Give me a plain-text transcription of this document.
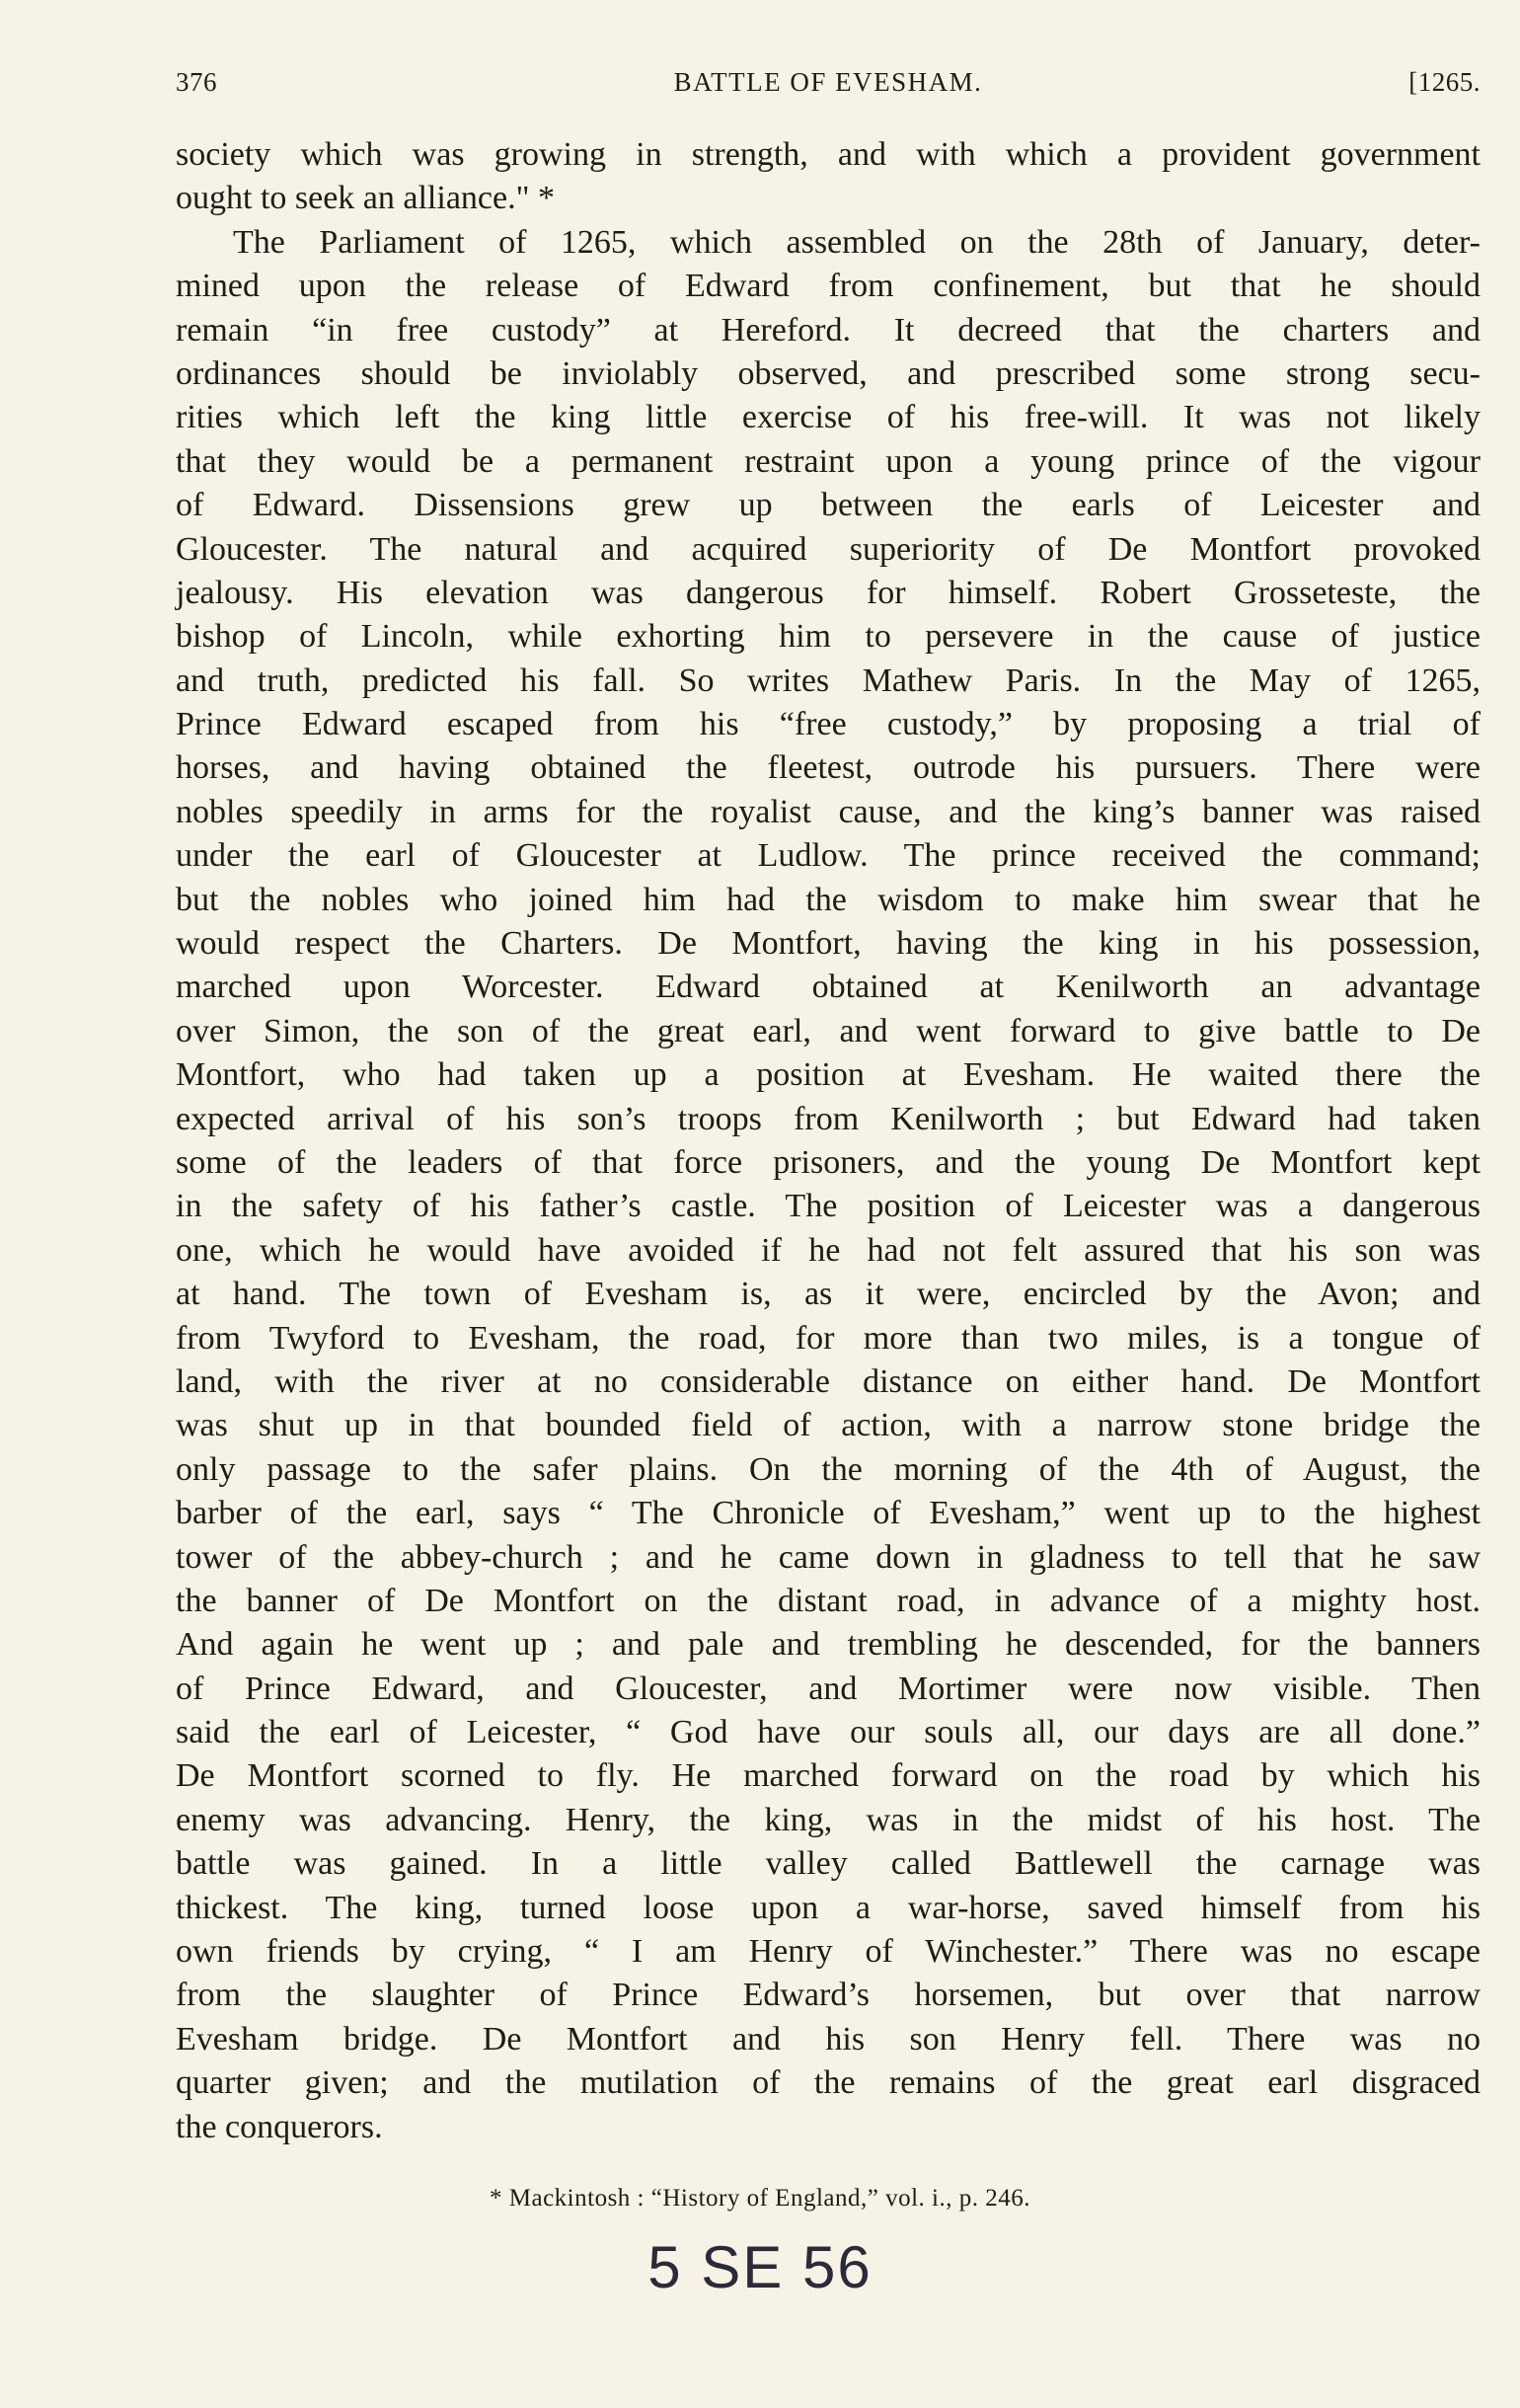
376	BATTLE OF EVESHAM.	[1265.
society which was growing in strength, and with which a provident government
ought to seek an alliance." *
The Parliament of 1265, which assembled on the 28th of January, deter-
mined upon the release of Edward from confinement, but that he should
remain “in free custody” at Hereford. It decreed that the charters and
ordinances should be inviolably observed, and prescribed some strong secu-
rities which left the king little exercise of his free-will. It was not likely
that they would be a permanent restraint upon a young prince of the vigour
of Edward. Dissensions grew up between the earls of Leicester and
Gloucester. The natural and acquired superiority of De Montfort provoked
jealousy. His elevation was dangerous for himself. Robert Grosseteste, the
bishop of Lincoln, while exhorting him to persevere in the cause of justice
and truth, predicted his fall. So writes Mathew Paris. In the May of 1265,
Prince Edward escaped from his “free custody,” by proposing a trial of
horses, and having obtained the fleetest, outrode his pursuers. There were
nobles speedily in arms for the royalist cause, and the king’s banner was raised
under the earl of Gloucester at Ludlow. The prince received the command;
but the nobles who joined him had the wisdom to make him swear that he
would respect the Charters. De Montfort, having the king in his possession,
marched upon Worcester. Edward obtained at Kenilworth an advantage
over Simon, the son of the great earl, and went forward to give battle to De
Montfort, who had taken up a position at Evesham. He waited there the
expected arrival of his son’s troops from Kenilworth ; but Edward had taken
some of the leaders of that force prisoners, and the young De Montfort kept
in the safety of his father’s castle. The position of Leicester was a dangerous
one, which he would have avoided if he had not felt assured that his son was
at hand. The town of Evesham is, as it were, encircled by the Avon; and
from Twyford to Evesham, the road, for more than two miles, is a tongue of
land, with the river at no considerable distance on either hand. De Montfort
was shut up in that bounded field of action, with a narrow stone bridge the
only passage to the safer plains. On the morning of the 4th of August, the
barber of the earl, says “ The Chronicle of Evesham,” went up to the highest
tower of the abbey-church ; and he came down in gladness to tell that he saw
the banner of De Montfort on the distant road, in advance of a mighty host.
And again he went up ; and pale and trembling he descended, for the banners
of Prince Edward, and Gloucester, and Mortimer were now visible. Then
said the earl of Leicester, “ God have our souls all, our days are all done.”
De Montfort scorned to fly. He marched forward on the road by which his
enemy was advancing. Henry, the king, was in the midst of his host. The
battle was gained. In a little valley called Battlewell the carnage was
thickest. The king, turned loose upon a war-horse, saved himself from his
own friends by crying, “ I am Henry of Winchester.” There was no escape
from the slaughter of Prince Edward’s horsemen, but over that narrow
Evesham bridge. De Montfort and his son Henry fell. There was no
quarter given; and the mutilation of the remains of the great earl disgraced
the conquerors.
* Mackintosh : “History of England,” vol. i., p. 246.
5 SE 56
